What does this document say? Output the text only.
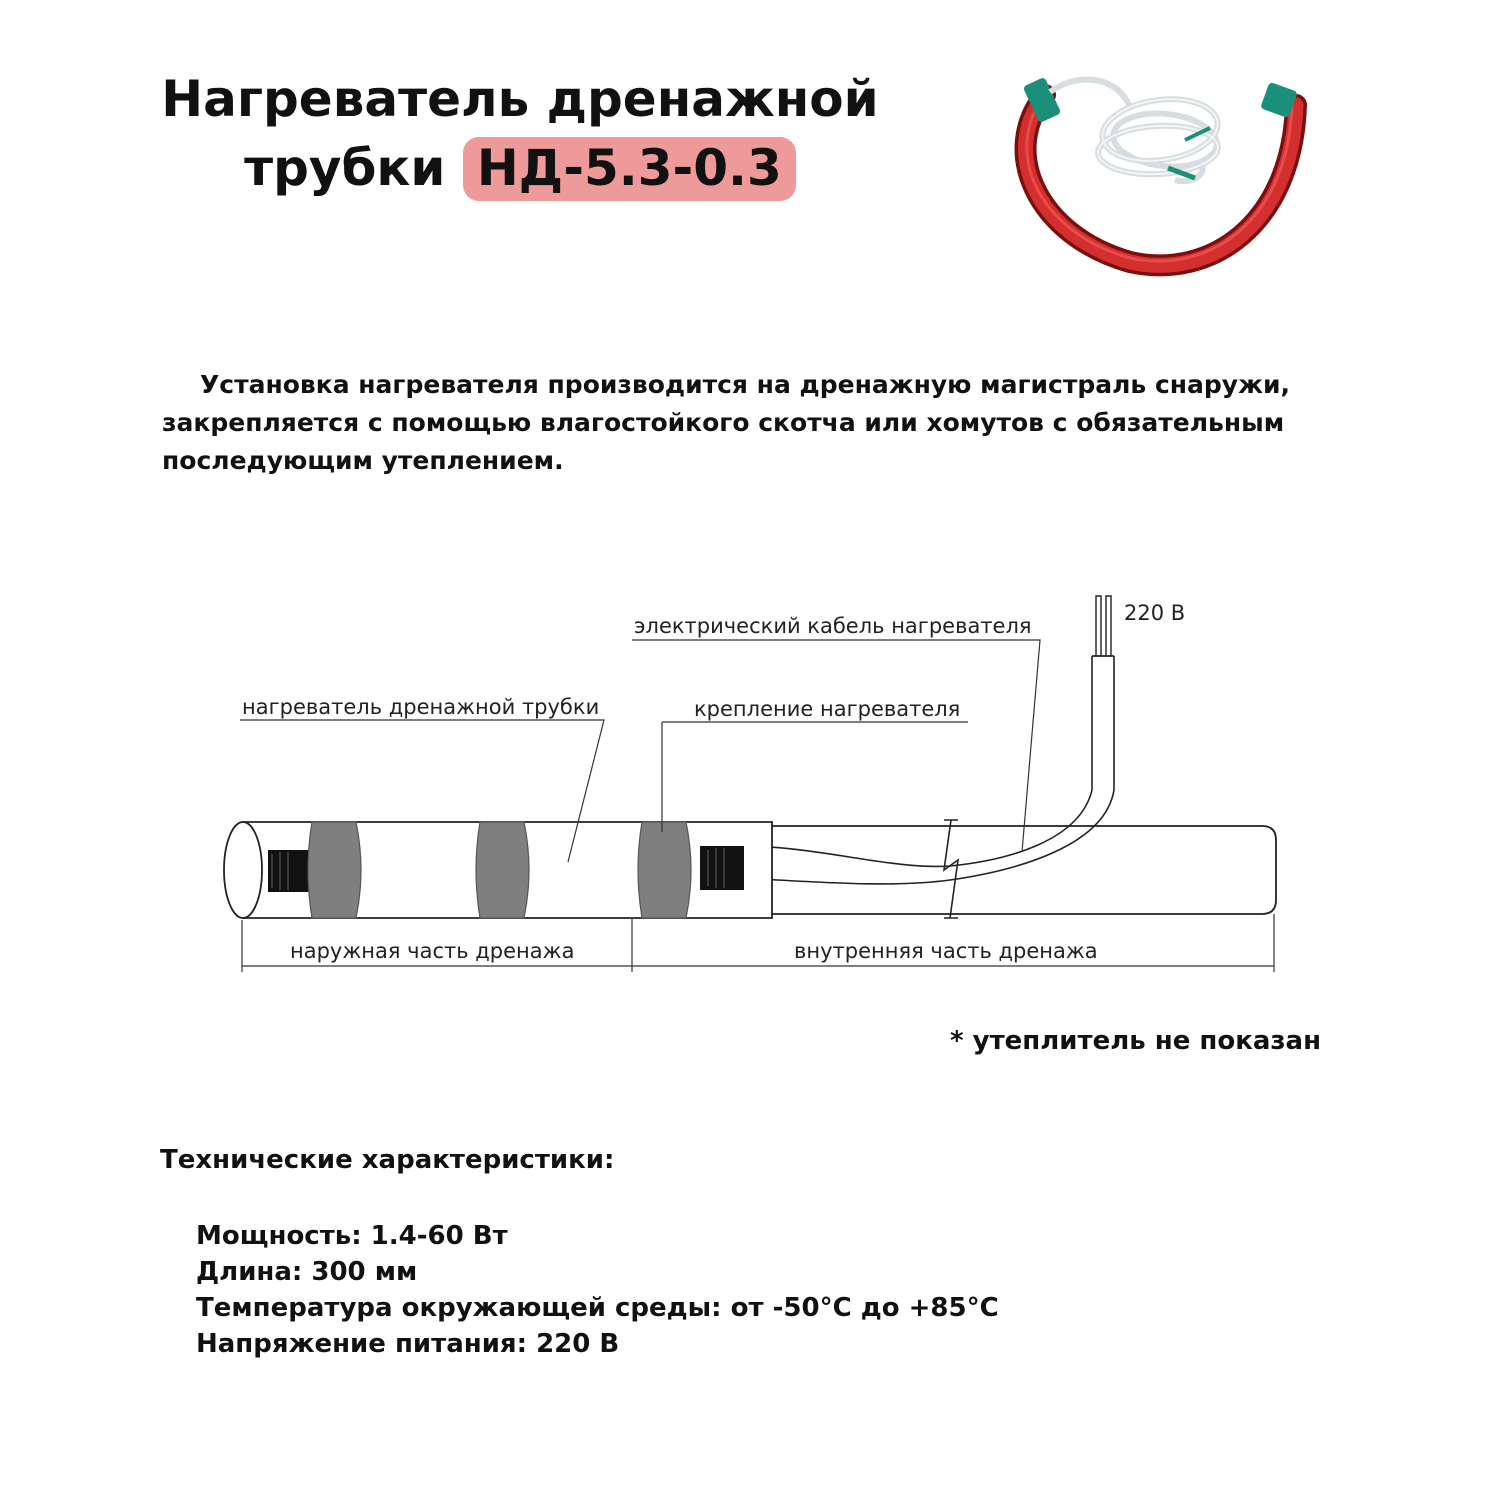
Нагреватель дренажной
трубки НД-5.3-0.3
220 В
электрический кабель нагревателя
нагреватель дренажной трубки	крепление нагревателя
наружная часть дренажа	внутренняя часть дренажа
Установка нагревателя производится на дренажную магистраль снаружи, закрепляется с помощью влагостойкого скотча или хомутов с обязательным последующим утеплением.
* утеплитель не показан
Технические характеристики:
Мощность: 1.4-60 Вт
Длина: 300 мм
Температура окружающей среды: от -50°С до +85°С
Напряжение питания: 220 В
